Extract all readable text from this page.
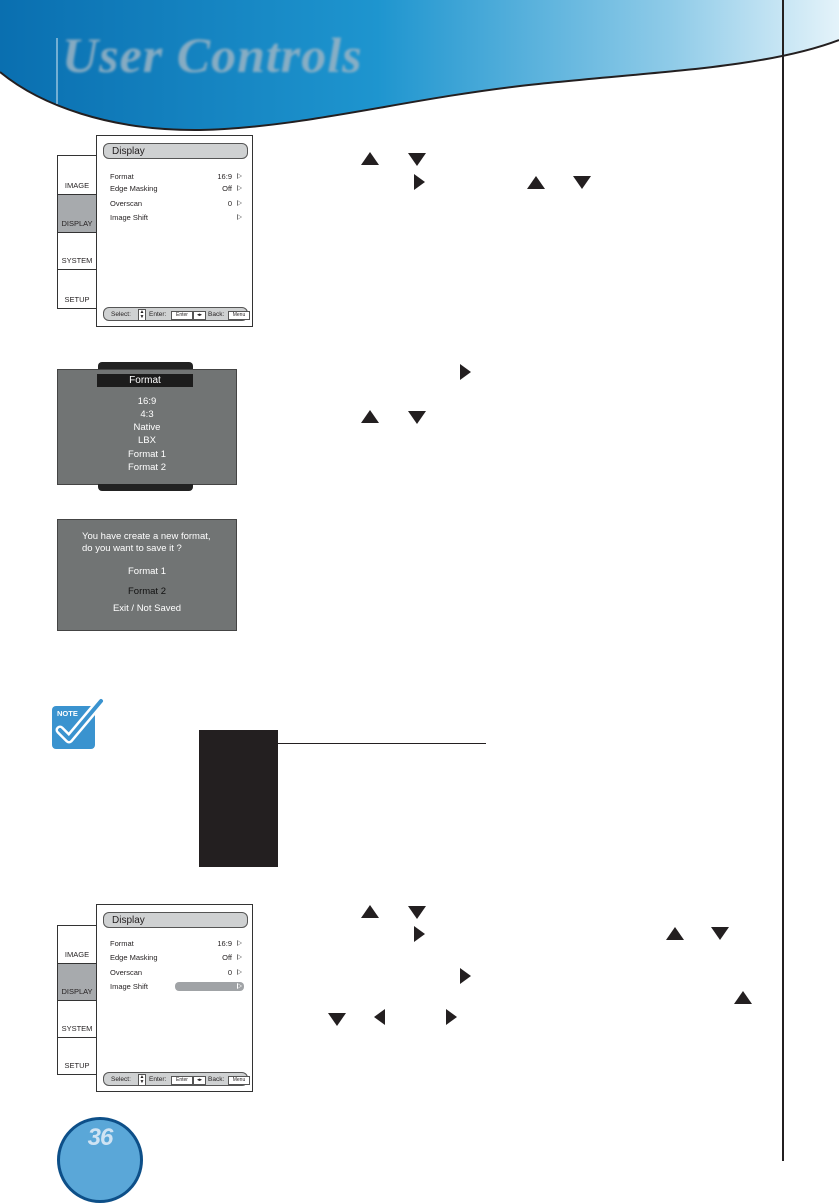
User Controls
IMAGE
DISPLAY
SYSTEM
SETUP
Display
Format	16:9
Edge Masking	Off
Overscan	0
Image Shift
Select:	▲
▼ Enter:	Enter	◂▸ Back:	Menu
Format
16:9
4:3
Native
LBX
Format 1
Format 2
You have create a new format,
do you want to save it ?
Format 1
Format 2
Exit / Not Saved
NOTE
IMAGE
DISPLAY
SYSTEM
SETUP
Display
Format	16:9
Edge Masking	Off
Overscan	0
Image Shift
Select:	▲
▼ Enter:	Enter	◂▸ Back:	Menu
36
